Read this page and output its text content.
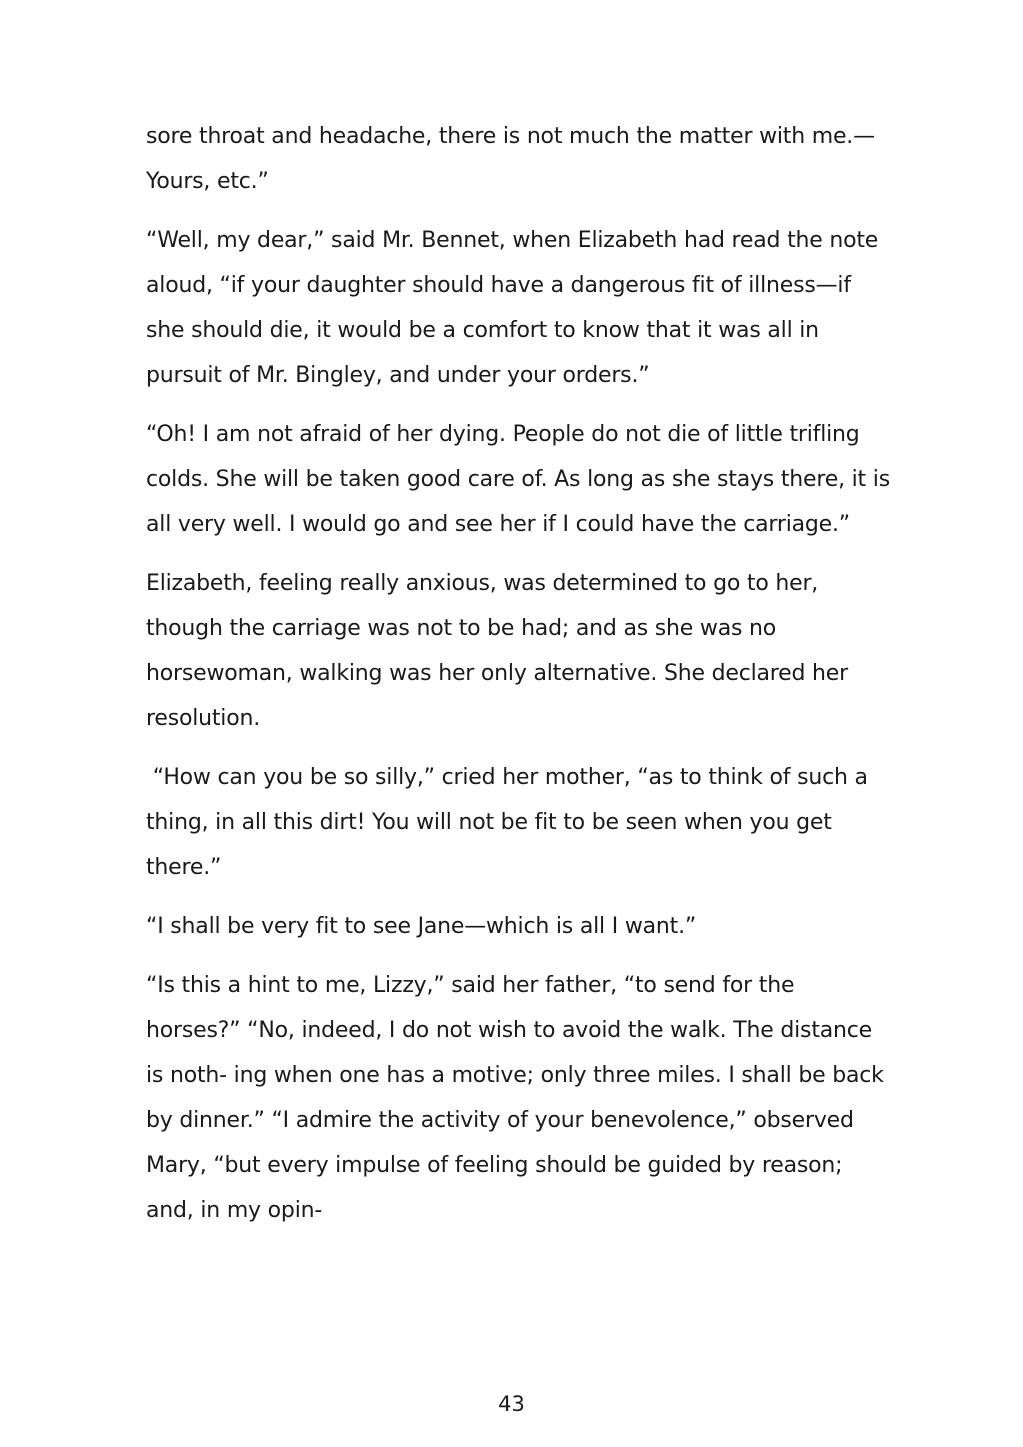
sore throat and headache, there is not much the matter with me.—Yours, etc.”

“Well, my dear,” said Mr. Bennet, when Elizabeth had read the note aloud, “if your daughter should have a dangerous fit of illness—if she should die, it would be a comfort to know that it was all in pursuit of Mr. Bingley, and under your orders.”

“Oh! I am not afraid of her dying. People do not die of little trifling colds. She will be taken good care of. As long as she stays there, it is all very well. I would go and see her if I could have the carriage.”

Elizabeth, feeling really anxious, was determined to go to her, though the carriage was not to be had; and as she was no horsewoman, walking was her only alternative. She declared her resolution.

“How can you be so silly,” cried her mother, “as to think of such a thing, in all this dirt! You will not be fit to be seen when you get there.”

“I shall be very fit to see Jane—which is all I want.”

“Is this a hint to me, Lizzy,” said her father, “to send for the horses?” “No, indeed, I do not wish to avoid the walk. The distance is noth- ing when one has a motive; only three miles. I shall be back by dinner.” “I admire the activity of your benevolence,” observed Mary, “but every impulse of feeling should be guided by reason; and, in my opin-

43
